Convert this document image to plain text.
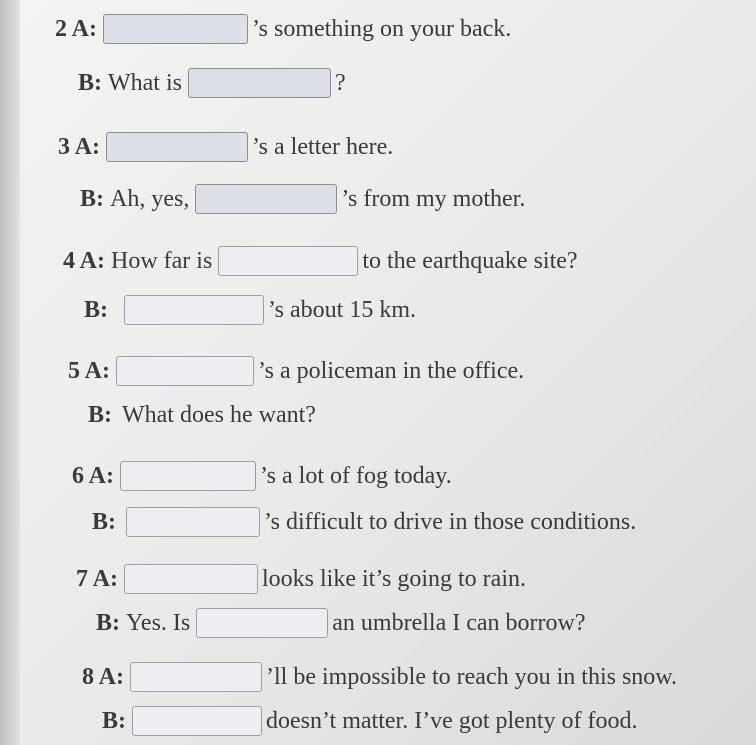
2 A:	’s something on your back.
B: What is	?
3 A:	’s a letter here.
B: Ah, yes,	’s from my mother.
4 A: How far is	to the earthquake site?
B:	’s about 15 km.
5 A:	’s a policeman in the office.
B: What does he want?
6 A:	’s a lot of fog today.
B:	’s difficult to drive in those conditions.
7 A:	looks like it’s going to rain.
B: Yes. Is	an umbrella I can borrow?
8 A:	’ll be impossible to reach you in this snow.
B:	doesn’t matter. I’ve got plenty of food.
